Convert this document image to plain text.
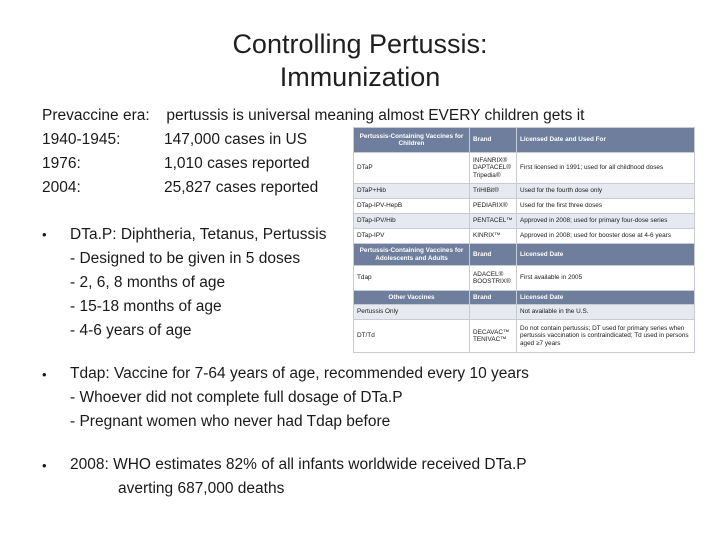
Controlling Pertussis:
Immunization
Prevaccine era: pertussis is universal meaning almost EVERY children gets it
1940-1945:	147,000 cases in US
1976:	1,010 cases reported
2004:	25,827 cases reported
• DTa.P: Diphtheria, Tetanus, Pertussis
- Designed to be given in 5 doses
- 2, 6, 8 months of age
- 15-18 months of age
- 4-6 years of age
• Tdap: Vaccine for 7-64 years of age, recommended every 10 years
- Whoever did not complete full dosage of DTa.P
- Pregnant women who never had Tdap before
• 2008: WHO estimates 82% of all infants worldwide received DTa.P
averting 687,000 deaths
Pertussis-Containing Vaccines for Children	Brand	Licensed Date and Used For
DTaP	INFANRIX® DAPTACEL® Tripedia®	First licensed in 1991; used for all childhood doses
DTaP+Hib	TriHIBit®	Used for the fourth dose only
DTap-IPV-HepB	PEDIARIX®	Used for the first three doses
DTap-IPV/Hib	PENTACEL™	Approved in 2008; used for primary four-dose series
DTap-IPV	KINRIX™	Approved in 2008; used for booster dose at 4-6 years
Pertussis-Containing Vaccines for Adolescents and Adults	Brand	Licensed Date
Tdap	ADACEL® BOOSTRIX®	First available in 2005
Other Vaccines	Brand	Licensed Date
Pertussis Only		Not available in the U.S.
DT/Td	DECAVAC™ TENIVAC™	Do not contain pertussis; DT used for primary series when pertussis vaccination is contraindicated; Td used in persons aged ≥7 years
